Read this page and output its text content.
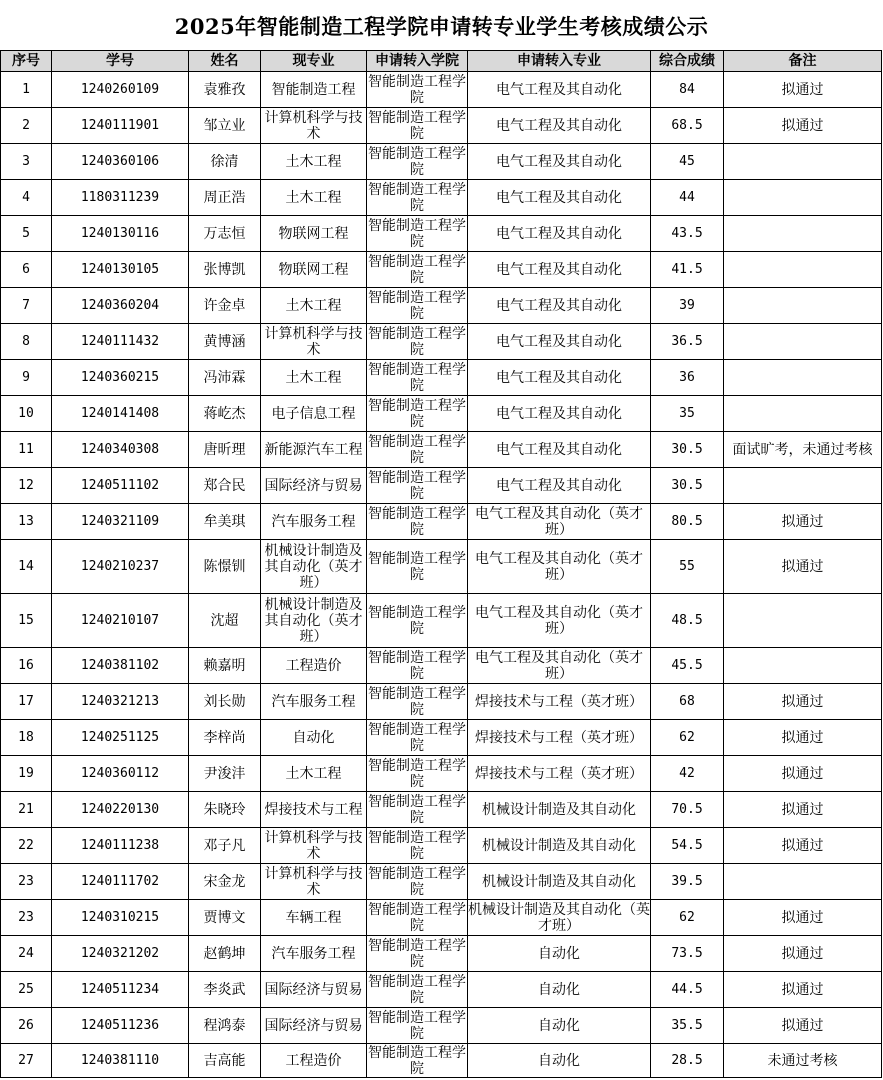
2025年智能制造工程学院申请转专业学生考核成绩公示
序号	学号	姓名	现专业	申请转入学院	申请转入专业	综合成绩	备注
1	1240260109	袁雅孜	智能制造工程	智能制造工程学院	电气工程及其自动化	84	拟通过
2	1240111901	邹立业	计算机科学与技术	智能制造工程学院	电气工程及其自动化	68.5	拟通过
3	1240360106	徐清	土木工程	智能制造工程学院	电气工程及其自动化	45	
4	1180311239	周正浩	土木工程	智能制造工程学院	电气工程及其自动化	44	
5	1240130116	万志恒	物联网工程	智能制造工程学院	电气工程及其自动化	43.5	
6	1240130105	张博凯	物联网工程	智能制造工程学院	电气工程及其自动化	41.5	
7	1240360204	许金卓	土木工程	智能制造工程学院	电气工程及其自动化	39	
8	1240111432	黄博涵	计算机科学与技术	智能制造工程学院	电气工程及其自动化	36.5	
9	1240360215	冯沛霖	土木工程	智能制造工程学院	电气工程及其自动化	36	
10	1240141408	蒋屹杰	电子信息工程	智能制造工程学院	电气工程及其自动化	35	
11	1240340308	唐昕理	新能源汽车工程	智能制造工程学院	电气工程及其自动化	30.5	面试旷考，未通过考核
12	1240511102	郑合民	国际经济与贸易	智能制造工程学院	电气工程及其自动化	30.5	
13	1240321109	牟美琪	汽车服务工程	智能制造工程学院	电气工程及其自动化（英才班）	80.5	拟通过
14	1240210237	陈憬钏	机械设计制造及其自动化（英才班）	智能制造工程学院	电气工程及其自动化（英才班）	55	拟通过
15	1240210107	沈超	机械设计制造及其自动化（英才班）	智能制造工程学院	电气工程及其自动化（英才班）	48.5	
16	1240381102	赖嘉明	工程造价	智能制造工程学院	电气工程及其自动化（英才班）	45.5	
17	1240321213	刘长勋	汽车服务工程	智能制造工程学院	焊接技术与工程（英才班）	68	拟通过
18	1240251125	李梓尚	自动化	智能制造工程学院	焊接技术与工程（英才班）	62	拟通过
19	1240360112	尹浚沣	土木工程	智能制造工程学院	焊接技术与工程（英才班）	42	拟通过
21	1240220130	朱晓玲	焊接技术与工程	智能制造工程学院	机械设计制造及其自动化	70.5	拟通过
22	1240111238	邓子凡	计算机科学与技术	智能制造工程学院	机械设计制造及其自动化	54.5	拟通过
23	1240111702	宋金龙	计算机科学与技术	智能制造工程学院	机械设计制造及其自动化	39.5	
23	1240310215	贾博文	车辆工程	智能制造工程学院	机械设计制造及其自动化（英才班）	62	拟通过
24	1240321202	赵鹤坤	汽车服务工程	智能制造工程学院	自动化	73.5	拟通过
25	1240511234	李炎武	国际经济与贸易	智能制造工程学院	自动化	44.5	拟通过
26	1240511236	程鸿泰	国际经济与贸易	智能制造工程学院	自动化	35.5	拟通过
27	1240381110	吉高能	工程造价	智能制造工程学院	自动化	28.5	未通过考核
